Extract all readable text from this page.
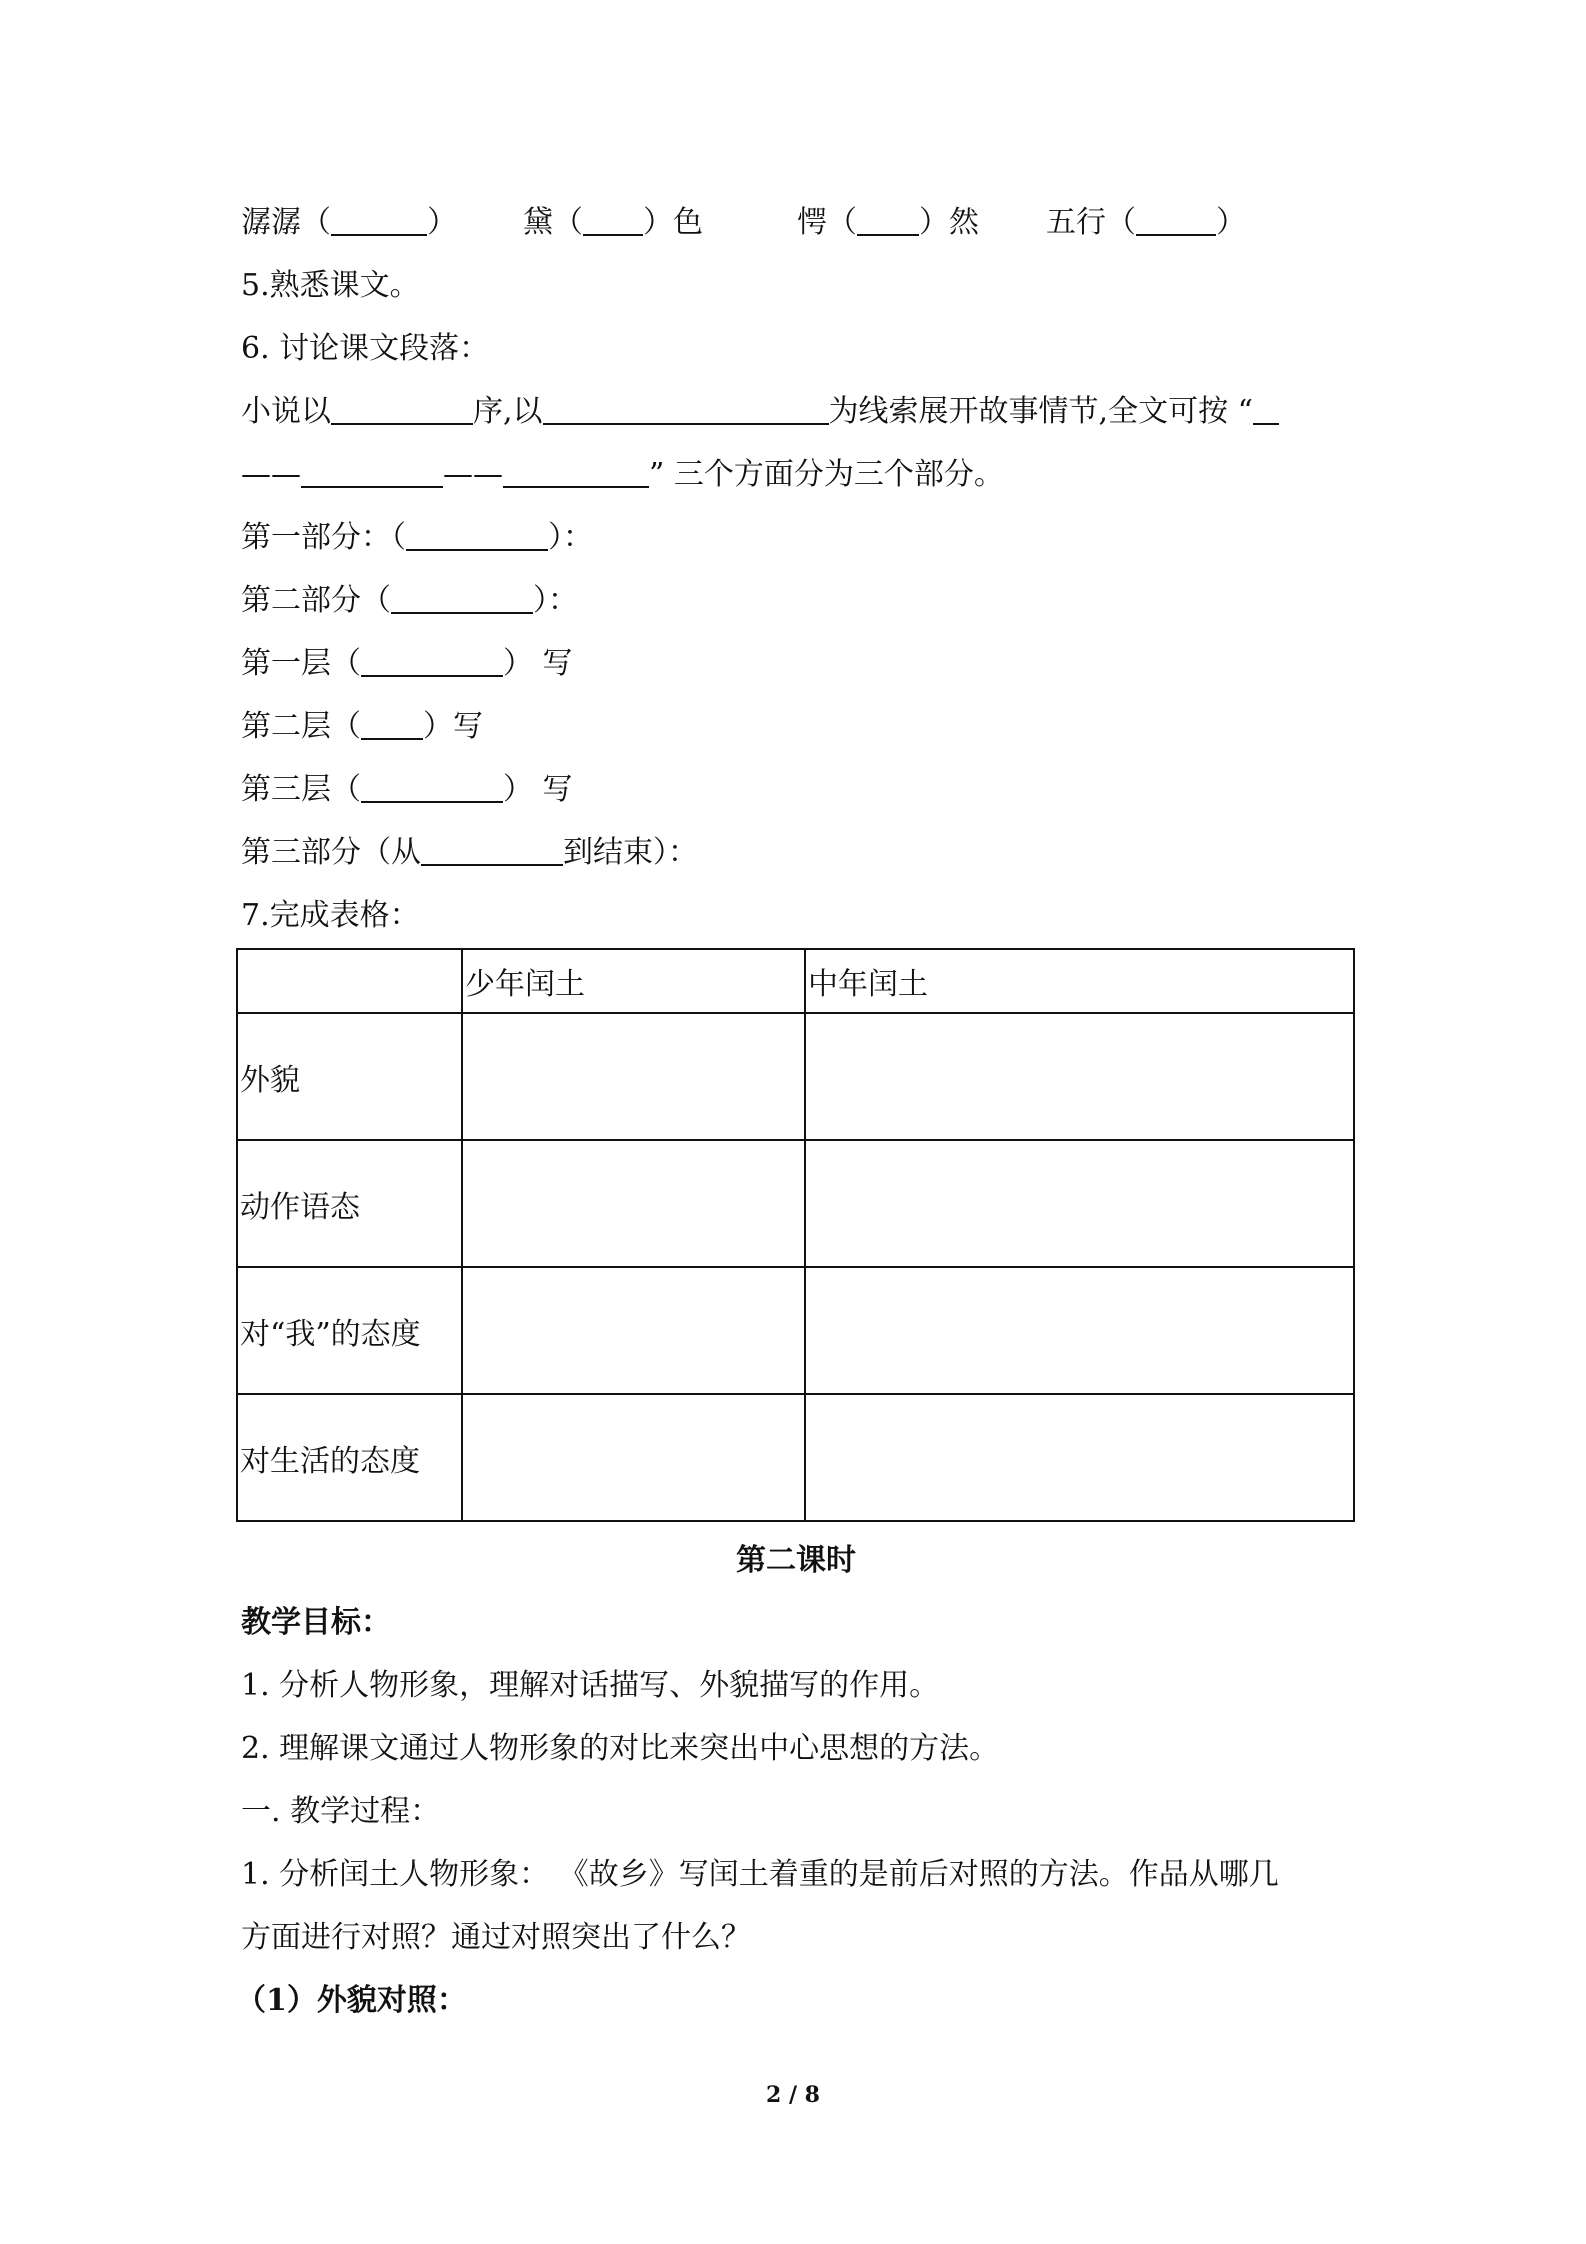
潺潺（	） 黛（ ）色	愕（ ）然 五行（	）
5.熟悉课文。
6. 讨论课文段落：
小说以	序,以	为线索展开故事情节,全文可按 “
——	——	” 三个方面分为三个部分。
第一部分：（	）：
第二部分（	）：
第一层（	） 写
第二层（ ）写
第三层（	） 写
第三部分（从	到结束）：
7.完成表格：
	少年闰土	中年闰土
外貌		
动作语态		
对“我”的态度		
对生活的态度		
第二课时
教学目标：
1. 分析人物形象，理解对话描写、外貌描写的作用。
2. 理解课文通过人物形象的对比来突出中心思想的方法。
一. 教学过程：
1. 分析闰土人物形象： 《故乡》写闰土着重的是前后对照的方法。作品从哪几
方面进行对照？通过对照突出了什么？
（1）外貌对照：
2 / 8
